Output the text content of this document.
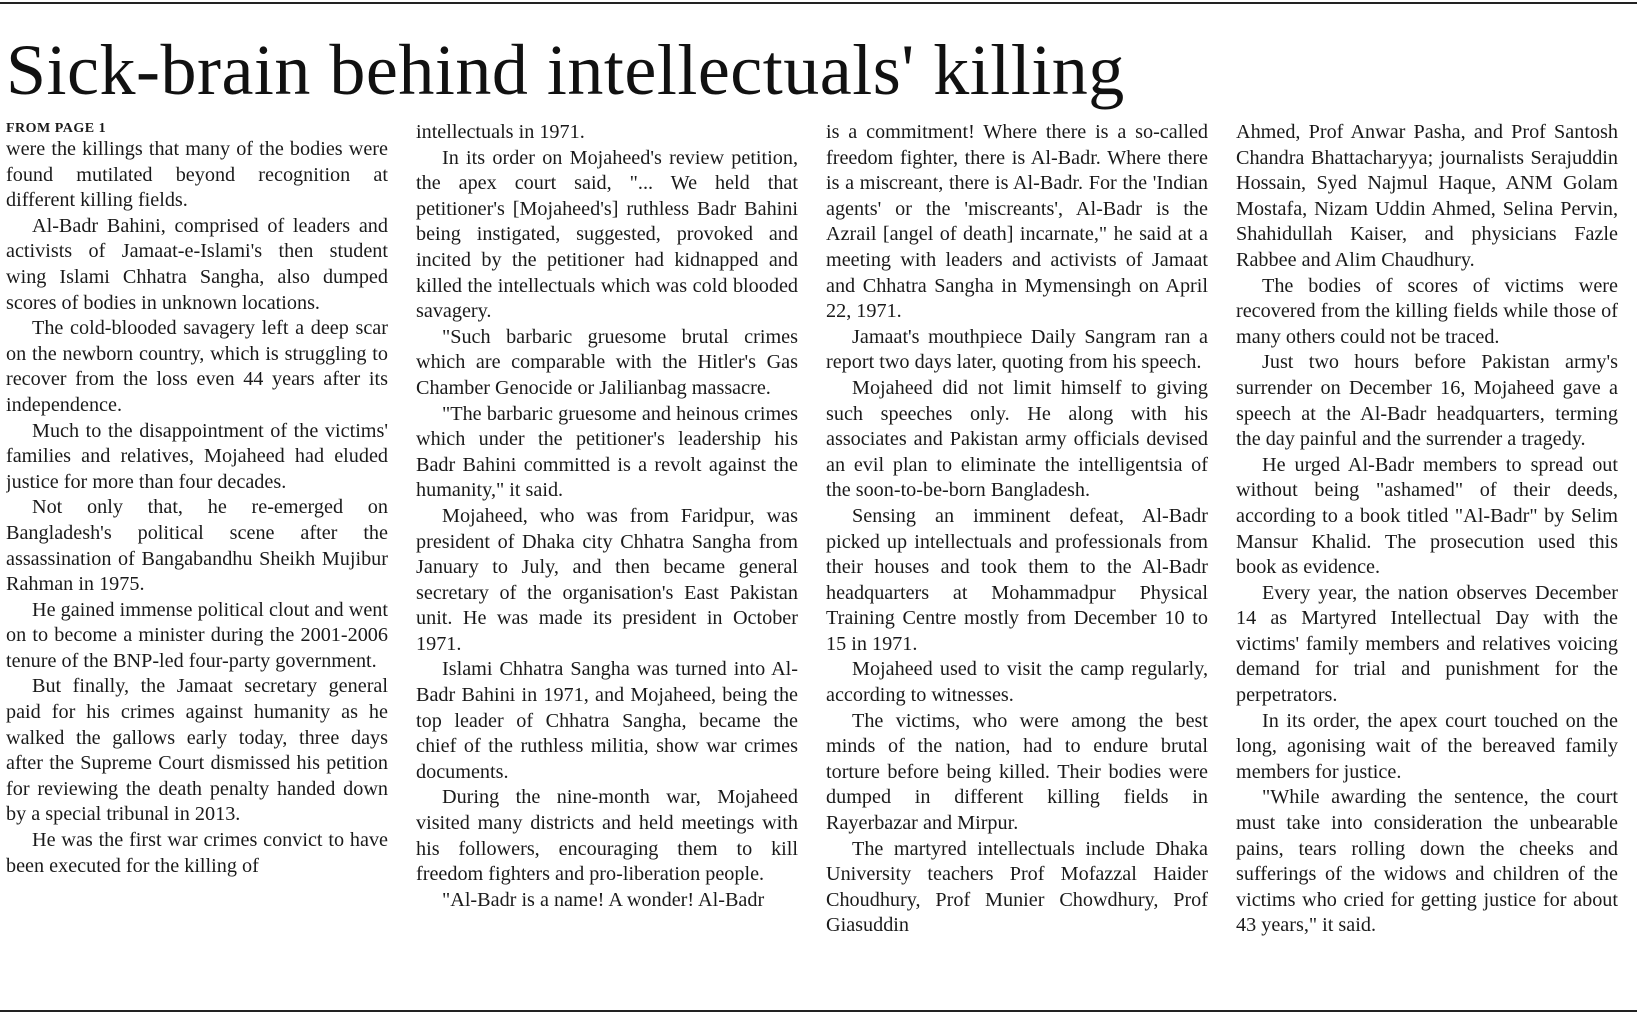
Sick-brain behind intellectuals' killing
FROM PAGE 1

were the killings that many of the bodies were found mutilated beyond recognition at different killing fields.

Al-Badr Bahini, comprised of leaders and activists of Jamaat-e-Islami's then student wing Islami Chhatra Sangha, also dumped scores of bodies in unknown locations.

The cold-blooded savagery left a deep scar on the newborn country, which is struggling to recover from the loss even 44 years after its independence.

Much to the disappointment of the victims' families and relatives, Mojaheed had eluded justice for more than four decades.

Not only that, he re-emerged on Bangladesh's political scene after the assassination of Bangabandhu Sheikh Mujibur Rahman in 1975.

He gained immense political clout and went on to become a minister during the 2001-2006 tenure of the BNP-led four-party government.

But finally, the Jamaat secretary general paid for his crimes against humanity as he walked the gallows early today, three days after the Supreme Court dismissed his petition for reviewing the death penalty handed down by a special tribunal in 2013.

He was the first war crimes convict to have been executed for the killing of

intellectuals in 1971.

In its order on Mojaheed's review petition, the apex court said, "... We held that petitioner's [Mojaheed's] ruthless Badr Bahini being instigated, suggested, provoked and incited by the petitioner had kidnapped and killed the intellectuals which was cold blooded savagery.

"Such barbaric gruesome brutal crimes which are comparable with the Hitler's Gas Chamber Genocide or Jalilianbag massacre.

"The barbaric gruesome and heinous crimes which under the petitioner's leadership his Badr Bahini committed is a revolt against the humanity," it said.

Mojaheed, who was from Faridpur, was president of Dhaka city Chhatra Sangha from January to July, and then became general secretary of the organisation's East Pakistan unit. He was made its president in October 1971.

Islami Chhatra Sangha was turned into Al-Badr Bahini in 1971, and Mojaheed, being the top leader of Chhatra Sangha, became the chief of the ruthless militia, show war crimes documents.

During the nine-month war, Mojaheed visited many districts and held meetings with his followers, encouraging them to kill freedom fighters and pro-liberation people.

"Al-Badr is a name! A wonder! Al-Badr

is a commitment! Where there is a so-called freedom fighter, there is Al-Badr. Where there is a miscreant, there is Al-Badr. For the 'Indian agents' or the 'miscreants', Al-Badr is the Azrail [angel of death] incarnate," he said at a meeting with leaders and activists of Jamaat and Chhatra Sangha in Mymensingh on April 22, 1971.

Jamaat's mouthpiece Daily Sangram ran a report two days later, quoting from his speech.

Mojaheed did not limit himself to giving such speeches only. He along with his associates and Pakistan army officials devised an evil plan to eliminate the intelligentsia of the soon-to-be-born Bangladesh.

Sensing an imminent defeat, Al-Badr picked up intellectuals and professionals from their houses and took them to the Al-Badr headquarters at Mohammadpur Physical Training Centre mostly from December 10 to 15 in 1971.

Mojaheed used to visit the camp regularly, according to witnesses.

The victims, who were among the best minds of the nation, had to endure brutal torture before being killed. Their bodies were dumped in different killing fields in Rayerbazar and Mirpur.

The martyred intellectuals include Dhaka University teachers Prof Mofazzal Haider Choudhury, Prof Munier Chowdhury, Prof Giasuddin

Ahmed, Prof Anwar Pasha, and Prof Santosh Chandra Bhattacharyya; journalists Serajuddin Hossain, Syed Najmul Haque, ANM Golam Mostafa, Nizam Uddin Ahmed, Selina Pervin, Shahidullah Kaiser, and physicians Fazle Rabbee and Alim Chaudhury.

The bodies of scores of victims were recovered from the killing fields while those of many others could not be traced.

Just two hours before Pakistan army's surrender on December 16, Mojaheed gave a speech at the Al-Badr headquarters, terming the day painful and the surrender a tragedy.

He urged Al-Badr members to spread out without being "ashamed" of their deeds, according to a book titled "Al-Badr" by Selim Mansur Khalid. The prosecution used this book as evidence.

Every year, the nation observes December 14 as Martyred Intellectual Day with the victims' family members and relatives voicing demand for trial and punishment for the perpetrators.

In its order, the apex court touched on the long, agonising wait of the bereaved family members for justice.

"While awarding the sentence, the court must take into consideration the unbearable pains, tears rolling down the cheeks and sufferings of the widows and children of the victims who cried for getting justice for about 43 years," it said.
